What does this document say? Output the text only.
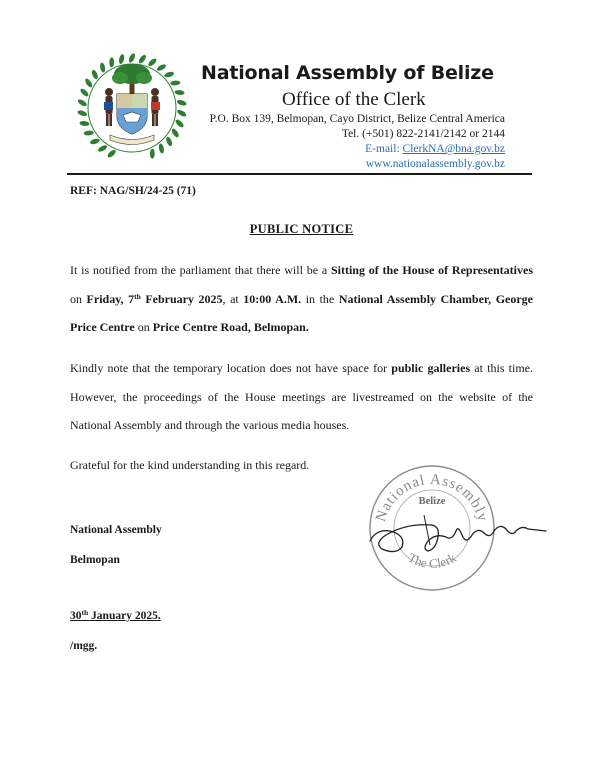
National Assembly of Belize
Office of the Clerk
P.O. Box 139, Belmopan, Cayo District, Belize Central America
Tel. (+501) 822-2141/2142 or 2144
E-mail: ClerkNA@bna.gov.bz
www.nationalassembly.gov.bz
REF: NAG/SH/24-25 (71)
PUBLIC NOTICE
It is notified from the parliament that there will be a Sitting of the House of Representatives on Friday, 7th February 2025, at 10:00 A.M. in the National Assembly Chamber, George Price Centre on Price Centre Road, Belmopan.
Kindly note that the temporary location does not have space for public galleries at this time. However, the proceedings of the House meetings are livestreamed on the website of the National Assembly and through the various media houses.
Grateful for the kind understanding in this regard.
National Assembly
Belmopan
National Assembly
The Clerk
Belize
30th January 2025.
/mgg.
